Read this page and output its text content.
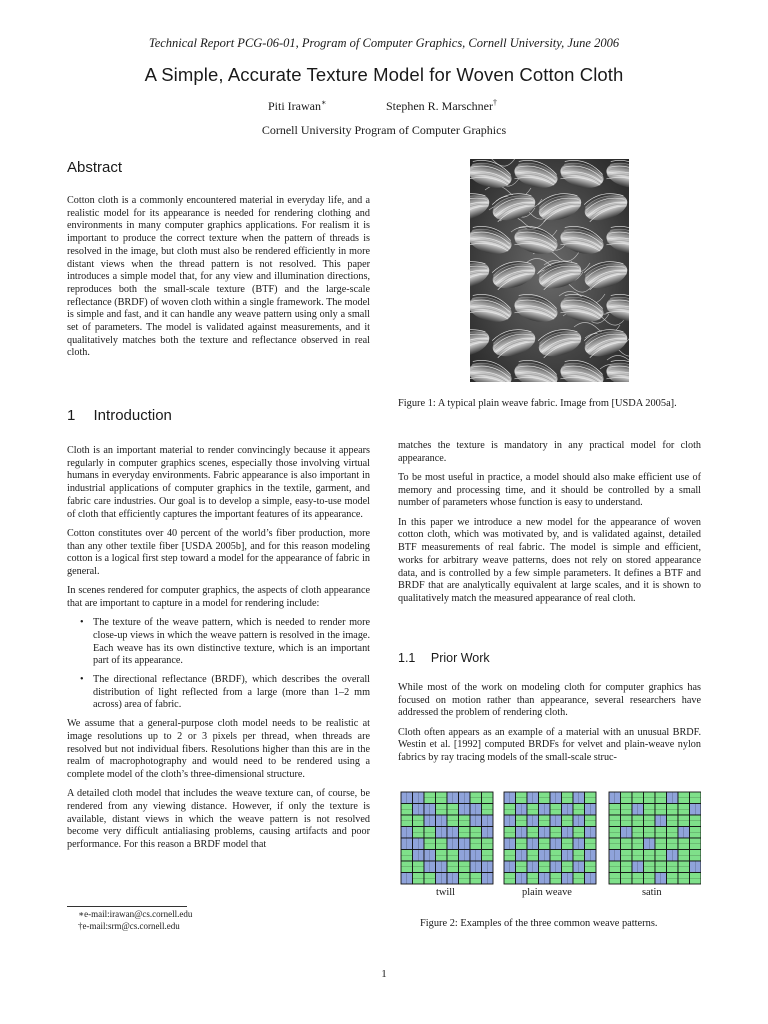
Technical Report PCG-06-01, Program of Computer Graphics, Cornell University, June 2006
A Simple, Accurate Texture Model for Woven Cotton Cloth
Piti Irawan∗	Stephen R. Marschner†
Cornell University Program of Computer Graphics
Abstract

Cotton cloth is a commonly encountered material in everyday life, and a realistic model for its appearance is needed for rendering clothing and environments in many computer graphics applications. For realism it is important to produce the correct texture when the pattern of threads is resolved in the image, but cloth must also be rendered efficiently in more distant views when the thread pattern is not resolved. This paper introduces a simple model that, for any view and illumination directions, reproduces both the small-scale texture (BTF) and the large-scale reflectance (BRDF) of woven cloth within a single framework. The model is simple and fast, and it can handle any weave pattern using only a small set of parameters. The model is validated against measurements, and it qualitatively matches both the texture and reflectance observed in real cloth.

1 Introduction

Cloth is an important material to render convincingly because it appears regularly in computer graphics scenes, especially those involving virtual humans in everyday environments. Fabric appearance is also important in industrial applications of computer graphics in the textile, garment, and fabric care industries. Our goal is to develop a simple, easy-to-use model of cloth that efficiently captures the important features of its appearance.

Cotton constitutes over 40 percent of the world’s fiber production, more than any other textile fiber [USDA 2005b], and for this reason modeling cotton is a logical first step toward a model for the appearance of fabric in general.

In scenes rendered for computer graphics, the aspects of cloth appearance that are important to capture in a model for rendering include:

• The texture of the weave pattern, which is needed to render more close-up views in which the weave pattern is resolved in the image. Each weave has its own distinctive texture, which is an important part of its appearance.
• The directional reflectance (BRDF), which describes the overall distribution of light reflected from a large (more than 1–2 mm across) area of fabric.

We assume that a general-purpose cloth model needs to be realistic at image resolutions up to 2 or 3 pixels per thread, when threads are resolved but not individual fibers. Resolutions higher than this are in the realm of macrophotography and would need to be rendered using a complete model of the cloth’s three-dimensional structure.

A detailed cloth model that includes the weave texture can, of course, be rendered from any viewing distance. However, if only the texture is available, distant views in which the weave pattern is not resolved become very difficult antialiasing problems, causing artifacts and poor performance. For this reason a BRDF model that

∗e-mail:irawan@cs.cornell.edu
†e-mail:srm@cs.cornell.edu
Figure 1: A typical plain weave fabric. Image from [USDA 2005a].

matches the texture is mandatory in any practical model for cloth appearance.

To be most useful in practice, a model should also make efficient use of memory and processing time, and it should be controlled by a small number of parameters whose function is easy to understand.

In this paper we introduce a new model for the appearance of woven cotton cloth, which was motivated by, and is validated against, detailed BTF measurements of real fabric. The model is simple and efficient, works for arbitrary weave patterns, does not rely on stored appearance data, and is controlled by a few simple parameters. It defines a BTF and BRDF that are analytically equivalent at large scales, and it is shown to qualitatively match the measured appearance of real cloth.

1.1 Prior Work

While most of the work on modeling cloth for computer graphics has focused on motion rather than appearance, several researchers have addressed the problem of rendering cloth.

Cloth often appears as an example of a material with an unusual BRDF. Westin et al. [1992] computed BRDFs for velvet and plain-weave nylon fabrics by ray tracing models of the small-scale struc-

twill	plain weave	satin
Figure 2: Examples of the three common weave patterns.
1
